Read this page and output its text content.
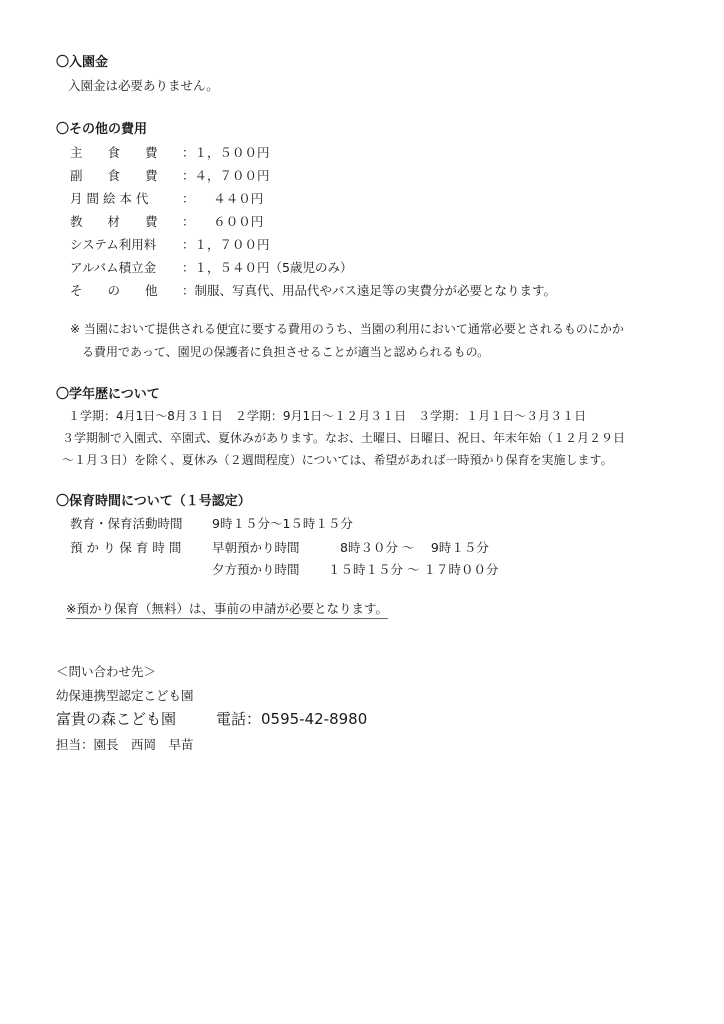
〇入園金
入園金は必要ありません。
〇その他の費用
主　　食　　費	：１，５００円
副　　食　　費	：４，７００円
月 間 絵 本 代	：　　４４０円
教　　材　　費	：　　６００円
システム利用料	：１，７００円
アルバム積立金	：１，５４０円（5歳児のみ）
そ　　の　　他	：制服、写真代、用品代やバス遠足等の実費分が必要となります。
※ 当園において提供される便宜に要する費用のうち、当園の利用において通常必要とされるものにかか
る費用であって、園児の保護者に負担させることが適当と認められるもの。
〇学年歴について
１学期：4月1日～8月３１日　２学期：9月1日～１２月３１日　３学期：１月１日～３月３１日
３学期制で入園式、卒園式、夏休みがあります。なお、土曜日、日曜日、祝日、年末年始（１２月２９日
～１月３日）を除く、夏休み（２週間程度）については、希望があれば一時預かり保育を実施します。
〇保育時間について（１号認定）
教育・保育活動時間 9時１５分～1５時１５分
預 か り 保 育 時 間 早朝預かり時間	8時３０分 ～　 9時１５分
夕方預かり時間 １５時１５分 ～ １７時００分
※預かり保育（無料）は、事前の申請が必要となります。
＜問い合わせ先＞
幼保連携型認定こども園
富貴の森こども園	電話：0595-42-8980
担当：園長　西岡　早苗
